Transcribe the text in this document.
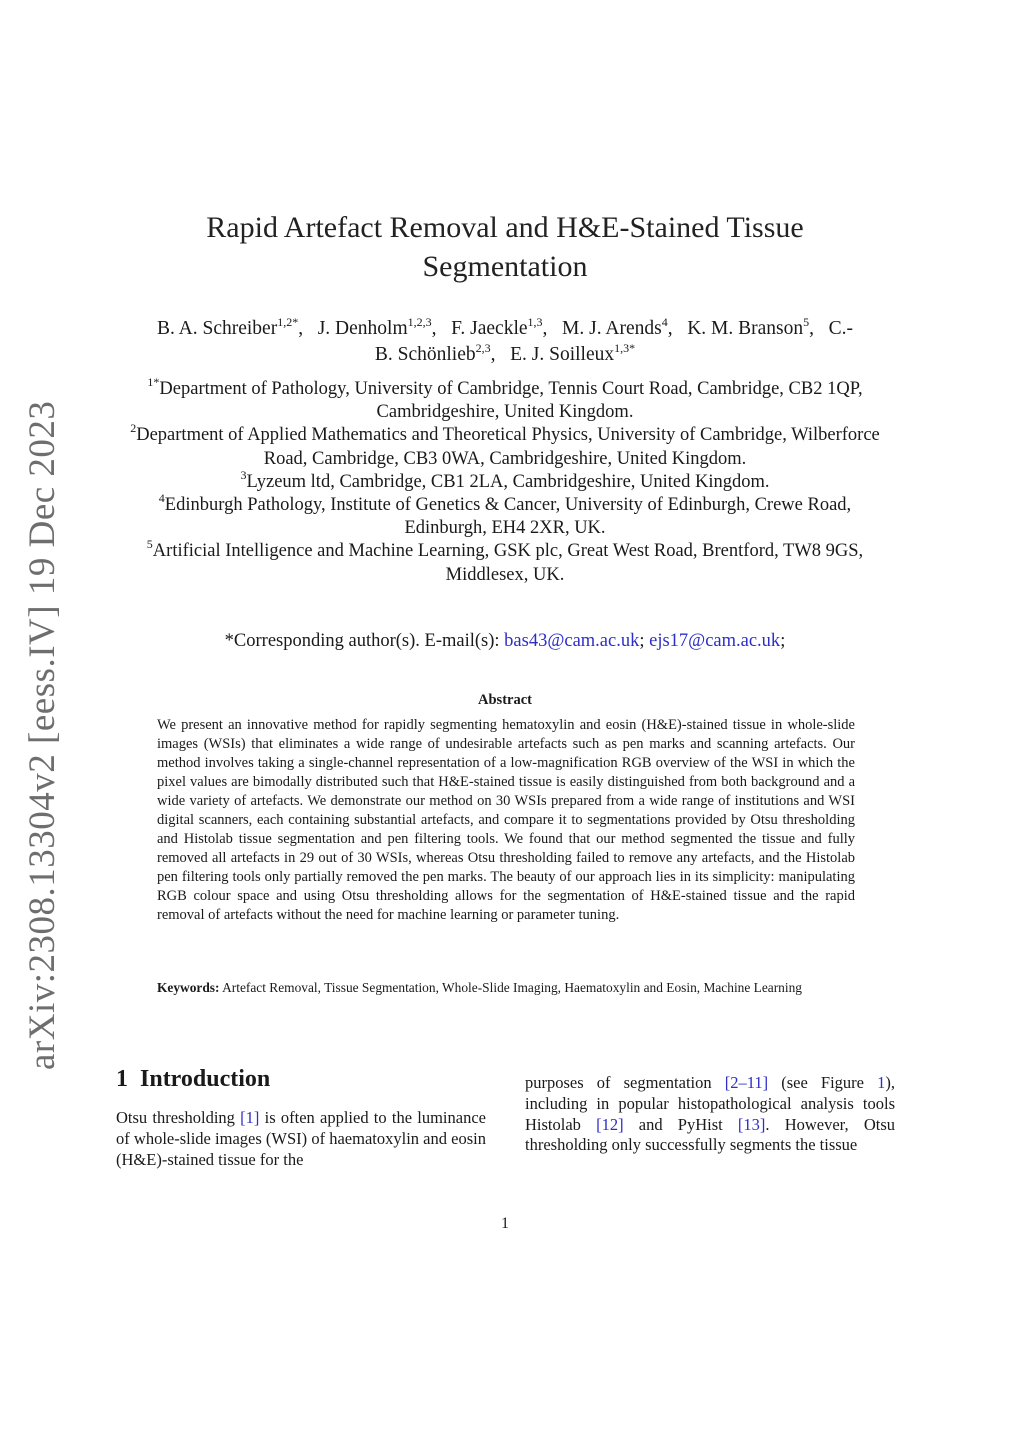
arXiv:2308.13304v2 [eess.IV] 19 Dec 2023
Rapid Artefact Removal and H&E-Stained Tissue Segmentation
B. A. Schreiber$^{1,2*}$,   J. Denholm$^{1,2,3}$,   F. Jaeckle$^{1,3}$,   M. J. Arends$^4$,   K. M. Branson$^5$,   C.-B. Schönlieb$^{2,3}$,   E. J. Soilleux$^{1,3*}$
$^{1*}$Department of Pathology, University of Cambridge, Tennis Court Road, Cambridge, CB2 1QP, Cambridgeshire, United Kingdom.
$^2$Department of Applied Mathematics and Theoretical Physics, University of Cambridge, Wilberforce Road, Cambridge, CB3 0WA, Cambridgeshire, United Kingdom.
$^3$Lyzeum ltd, Cambridge, CB1 2LA, Cambridgeshire, United Kingdom.
$^4$Edinburgh Pathology, Institute of Genetics & Cancer, University of Edinburgh, Crewe Road, Edinburgh, EH4 2XR, UK.
$^5$Artificial Intelligence and Machine Learning, GSK plc, Great West Road, Brentford, TW8 9GS, Middlesex, UK.
*Corresponding author(s). E-mail(s): bas43@cam.ac.uk; ejs17@cam.ac.uk;
Abstract
We present an innovative method for rapidly segmenting hematoxylin and eosin (H&E)-stained tissue in whole-slide images (WSIs) that eliminates a wide range of undesirable artefacts such as pen marks and scanning artefacts. Our method involves taking a single-channel representation of a low-magnification RGB overview of the WSI in which the pixel values are bimodally distributed such that H&E-stained tissue is easily distinguished from both background and a wide variety of artefacts. We demonstrate our method on 30 WSIs prepared from a wide range of institutions and WSI digital scanners, each containing substantial artefacts, and compare it to segmentations provided by Otsu thresholding and Histolab tissue segmentation and pen filtering tools. We found that our method segmented the tissue and fully removed all artefacts in 29 out of 30 WSIs, whereas Otsu thresholding failed to remove any artefacts, and the Histolab pen filtering tools only partially removed the pen marks. The beauty of our approach lies in its simplicity: manipulating RGB colour space and using Otsu thresholding allows for the segmentation of H&E-stained tissue and the rapid removal of artefacts without the need for machine learning or parameter tuning.
Keywords: Artefact Removal, Tissue Segmentation, Whole-Slide Imaging, Haematoxylin and Eosin, Machine Learning
1 Introduction
Otsu thresholding [1] is often applied to the luminance of whole-slide images (WSI) of haematoxylin and eosin (H&E)-stained tissue for the
purposes of segmentation [2–11] (see Figure 1), including in popular histopathological analysis tools Histolab [12] and PyHist [13]. However, Otsu thresholding only successfully segments the tissue
1
